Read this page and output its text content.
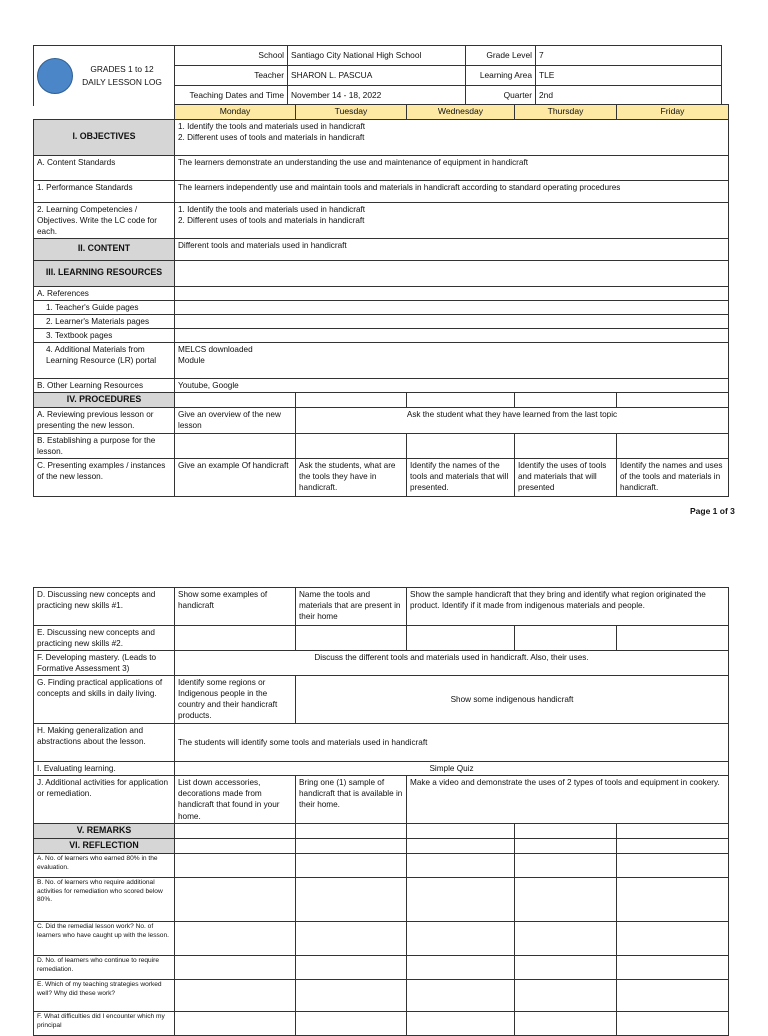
GRADES 1 to 12
DAILY LESSON LOG	School	Santiago City National High School	Grade Level	7
	Teacher	SHARON L. PASCUA	Learning Area	TLE
	Teaching Dates and Time	November 14 - 18, 2022	Quarter	2nd
	Monday	Tuesday	Wednesday	Thursday	Friday
I. OBJECTIVES	1. Identify the tools and materials used in handicraft
2. Different uses of tools and materials in handicraft				

A. Content Standards	The learners demonstrate an understanding the use and maintenance of equipment in handicraft				
1. Performance Standards	The learners independently use and maintain tools and materials in handicraft according to standard operating procedures				
2. Learning Competencies / Objectives. Write the LC code for each.	1. Identify the tools and materials used in handicraft
2. Different uses of tools and materials in handicraft				

II. CONTENT	Different tools and materials used in handicraft				
III. LEARNING RESOURCES					
A. References					
1. Teacher's Guide pages					
2. Learner's Materials pages					
3. Textbook pages					
4. Additional Materials from Learning Resource (LR) portal	MELCS downloaded
Module				

B. Other Learning Resources	Youtube, Google				
IV. PROCEDURES					
A. Reviewing previous lesson or presenting the new lesson.	Give an overview of the new lesson	Ask the student what they have learned from the last topic			
B. Establishing a purpose for the lesson.					
C. Presenting examples / instances of the new lesson.	Give an example Of handicraft	Ask the students, what are the tools they have in handicraft.	Identify the names of the tools and materials that will presented.	Identify the uses of tools and materials that will presented	Identify the names and uses of the tools and materials in handicraft.
Page 1 of 3
D. Discussing new concepts and practicing new skills #1.	Show some examples of handicraft	Name the tools and materials that are present in their home	Show the sample handicraft that they bring and identify what region originated the product. Identify if it made from indigenous materials and people.		
E. Discussing new concepts and practicing new skills #2.					
F. Developing mastery. (Leads to Formative Assessment 3)	Discuss the different tools and materials used in handicraft. Also, their uses.				
G. Finding practical applications of concepts and skills in daily living.	Identify some regions or Indigenous people in the country and their handicraft products.	Show some indigenous handicraft			
H. Making generalization and abstractions about the lesson.	The students will identify some tools and materials used in handicraft				
I. Evaluating learning.	Simple Quiz				
J. Additional activities for application or remediation.	List down accessories, decorations made from handicraft that found in your home.	Bring one (1) sample of handicraft that is available in their home.	Make a video and demonstrate the uses of 2 types of tools and equipment in cookery.		
V. REMARKS					
VI. REFLECTION					
A. No. of learners who earned 80% in the evaluation.					
B. No. of learners who require additional activities for remediation who scored below 80%.					
C. Did the remedial lesson work? No. of learners who have caught up with the lesson.					
D. No. of learners who continue to require remediation.					
E. Which of my teaching strategies worked well? Why did these work?					
F. What difficulties did I encounter which my principal					
